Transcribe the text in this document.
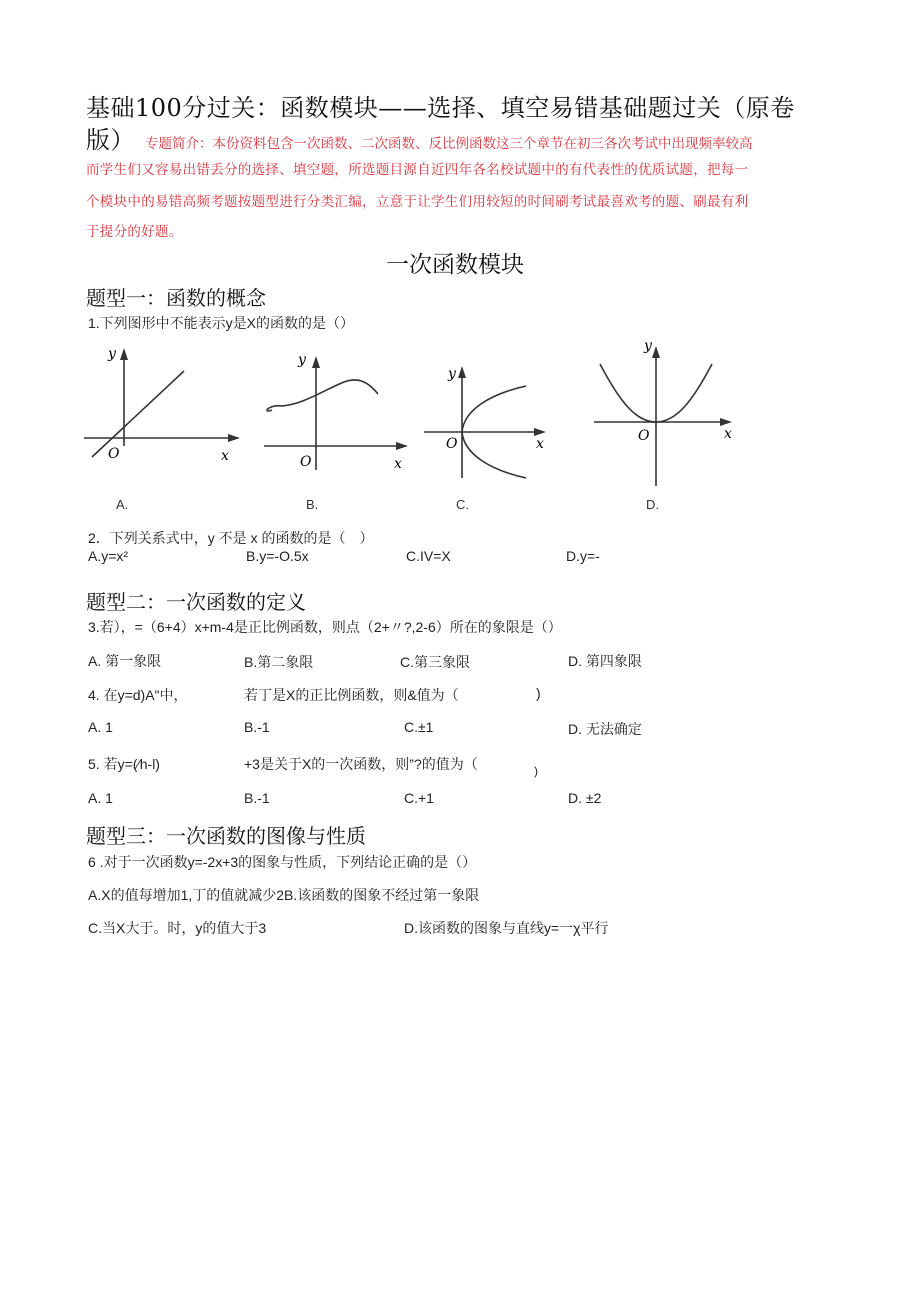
基础100分过关：函数模块——选择、填空易错基础题过关（原卷
版） 专题简介：本份资料包含一次函数、二次函数、反比例函数这三个章节在初三各次考试中出现频率较高
而学生们又容易出错丢分的选择、填空题，所选题目源自近四年各名校试题中的有代表性的优质试题，把每一
个模块中的易错高频考题按题型进行分类汇编，立意于让学生们用较短的时间刷考试最喜欢考的题、刷最有利
于提分的好题。
一次函数模块
题型一：函数的概念
1.下列图形中不能表示y是X的函数的是（）
y
x
O
A.
y
x
O
B.
y
x
O
C.
y
x
O
D.
2．下列关系式中，y 不是 x 的函数的是（　）
A.y=x²	B.y=-O.5x	C.IV=X	D.y=-
题型二：一次函数的定义
3.若），=（6+4）x+m-4是正比例函数，则点（2+〃?,2-6）所在的象限是（）
A. 第一象限	B.第二象限	C.第三象限	D. 第四象限
4. 在y=d)A"中，	若丁是X的正比例函数，则&值为（	)
A. 1	B.-1	C.±1	D. 无法确定
5. 若y=(∕h-l)	+3是关于X的一次函数，则”?的值为（	)
A. 1	B.-1	C.+1	D. ±2
题型三：一次函数的图像与性质
6 .对于一次函数y=-2x+3的图象与性质，下列结论正确的是（）
A.X的值每增加1,丁的值就减少2B.该函数的图象不经过第一象限
C.当X大于。时，y的值大于3	D.该函数的图象与直线y=一χ平行
